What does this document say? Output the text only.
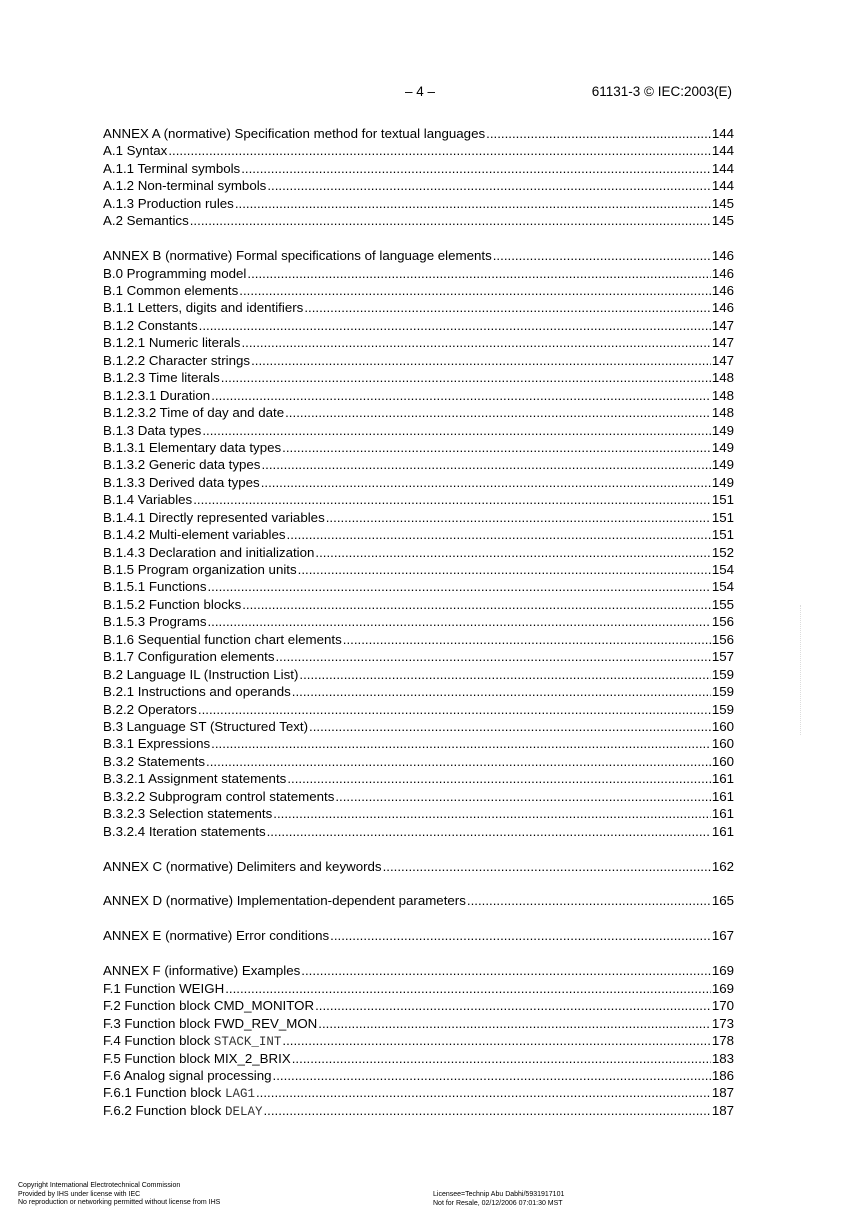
– 4 –	61131-3 © IEC:2003(E)
ANNEX A (normative) Specification method for textual languages .....	144
A.1 Syntax .....	144
A.1.1 Terminal symbols .....	144
A.1.2 Non-terminal symbols .....	144
A.1.3 Production rules .....	145
A.2 Semantics .....	145
ANNEX B (normative) Formal specifications of language elements .....	146
B.0 Programming model .....	146
B.1 Common elements .....	146
B.1.1 Letters, digits and identifiers .....	146
B.1.2 Constants .....	147
B.1.2.1 Numeric literals .....	147
B.1.2.2 Character strings .....	147
B.1.2.3 Time literals .....	148
B.1.2.3.1 Duration .....	148
B.1.2.3.2 Time of day and date .....	148
B.1.3 Data types .....	149
B.1.3.1 Elementary data types .....	149
B.1.3.2 Generic data types .....	149
B.1.3.3 Derived data types .....	149
B.1.4 Variables .....	151
B.1.4.1 Directly represented variables .....	151
B.1.4.2 Multi-element variables .....	151
B.1.4.3 Declaration and initialization .....	152
B.1.5 Program organization units .....	154
B.1.5.1 Functions .....	154
B.1.5.2 Function blocks .....	155
B.1.5.3 Programs .....	156
B.1.6 Sequential function chart elements .....	156
B.1.7 Configuration elements .....	157
B.2 Language IL (Instruction List) .....	159
B.2.1 Instructions and operands .....	159
B.2.2 Operators .....	159
B.3 Language ST (Structured Text) .....	160
B.3.1 Expressions .....	160
B.3.2 Statements .....	160
B.3.2.1 Assignment statements .....	161
B.3.2.2 Subprogram control statements .....	161
B.3.2.3 Selection statements .....	161
B.3.2.4 Iteration statements .....	161
ANNEX C (normative) Delimiters and keywords .....	162
ANNEX D (normative) Implementation-dependent parameters .....	165
ANNEX E (normative) Error conditions .....	167
ANNEX F (informative) Examples .....	169
F.1 Function WEIGH .....	169
F.2 Function block CMD_MONITOR .....	170
F.3 Function block FWD_REV_MON .....	173
F.4 Function block STACK_INT .....	178
F.5 Function block MIX_2_BRIX .....	183
F.6 Analog signal processing .....	186
F.6.1 Function block LAG1 .....	187
F.6.2 Function block DELAY .....	187
Copyright International Electrotechnical Commission
Provided by IHS under license with IEC
No reproduction or networking permitted without license from IHS
Licensee=Technip Abu Dabhi/5931917101
Not for Resale, 02/12/2006 07:01:30 MST
